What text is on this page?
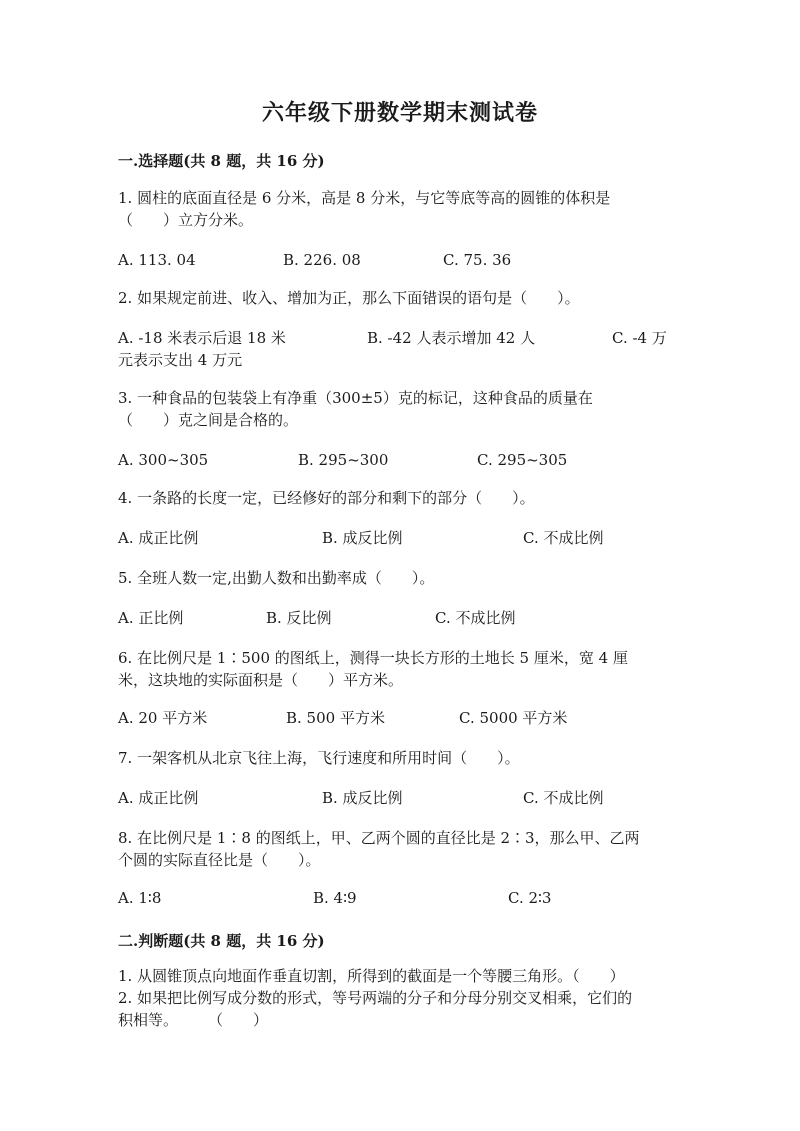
六年级下册数学期末测试卷
一.选择题(共 8 题，共 16 分)
1. 圆柱的底面直径是 6 分米，高是 8 分米，与它等底等高的圆锥的体积是
（　　）立方分米。
A. 113. 04	B. 226. 08	C. 75. 36
2. 如果规定前进、收入、增加为正，那么下面错误的语句是（　　）。
A. -18 米表示后退 18 米	B. -42 人表示增加 42 人	C. -4 万
元表示支出 4 万元
3. 一种食品的包装袋上有净重（300±5）克的标记，这种食品的质量在
（　　）克之间是合格的。
A. 300~305	B. 295~300	C. 295~305
4. 一条路的长度一定，已经修好的部分和剩下的部分（　　）。
A. 成正比例	B. 成反比例	C. 不成比例
5. 全班人数一定,出勤人数和出勤率成（　　）。
A. 正比例	B. 反比例	C. 不成比例
6. 在比例尺是 1∶500 的图纸上，测得一块长方形的土地长 5 厘米，宽 4 厘
米，这块地的实际面积是（　　）平方米。
A. 20 平方米	B. 500 平方米	C. 5000 平方米
7. 一架客机从北京飞往上海，飞行速度和所用时间（　　）。
A. 成正比例	B. 成反比例	C. 不成比例
8. 在比例尺是 1∶8 的图纸上，甲、乙两个圆的直径比是 2∶3，那么甲、乙两
个圆的实际直径比是（　　）。
A. 1∶8	B. 4∶9	C. 2∶3
二.判断题(共 8 题，共 16 分)
1. 从圆锥顶点向地面作垂直切割，所得到的截面是一个等腰三角形。（　　）
2. 如果把比例写成分数的形式，等号两端的分子和分母分别交叉相乘，它们的
积相等。　　　（　　）
